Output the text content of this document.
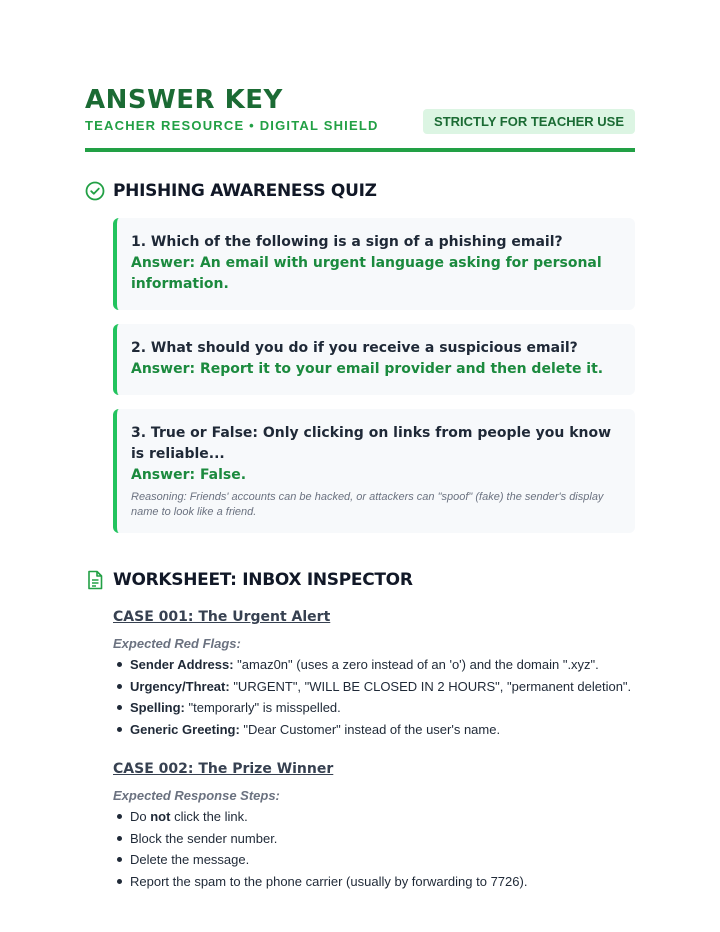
ANSWER KEY
TEACHER RESOURCE • DIGITAL SHIELD	STRICTLY FOR TEACHER USE
PHISHING AWARENESS QUIZ
1. Which of the following is a sign of a phishing email?
Answer: An email with urgent language asking for personal information.
2. What should you do if you receive a suspicious email?
Answer: Report it to your email provider and then delete it.
3. True or False: Only clicking on links from people you know is reliable...
Answer: False.
Reasoning: Friends' accounts can be hacked, or attackers can "spoof" (fake) the sender's display name to look like a friend.
WORKSHEET: INBOX INSPECTOR
CASE 001: The Urgent Alert
Expected Red Flags:
Sender Address: "amaz0n" (uses a zero instead of an 'o') and the domain ".xyz".
Urgency/Threat: "URGENT", "WILL BE CLOSED IN 2 HOURS", "permanent deletion".
Spelling: "temporarly" is misspelled.
Generic Greeting: "Dear Customer" instead of the user's name.
CASE 002: The Prize Winner
Expected Response Steps:
Do not click the link.
Block the sender number.
Delete the message.
Report the spam to the phone carrier (usually by forwarding to 7726).
